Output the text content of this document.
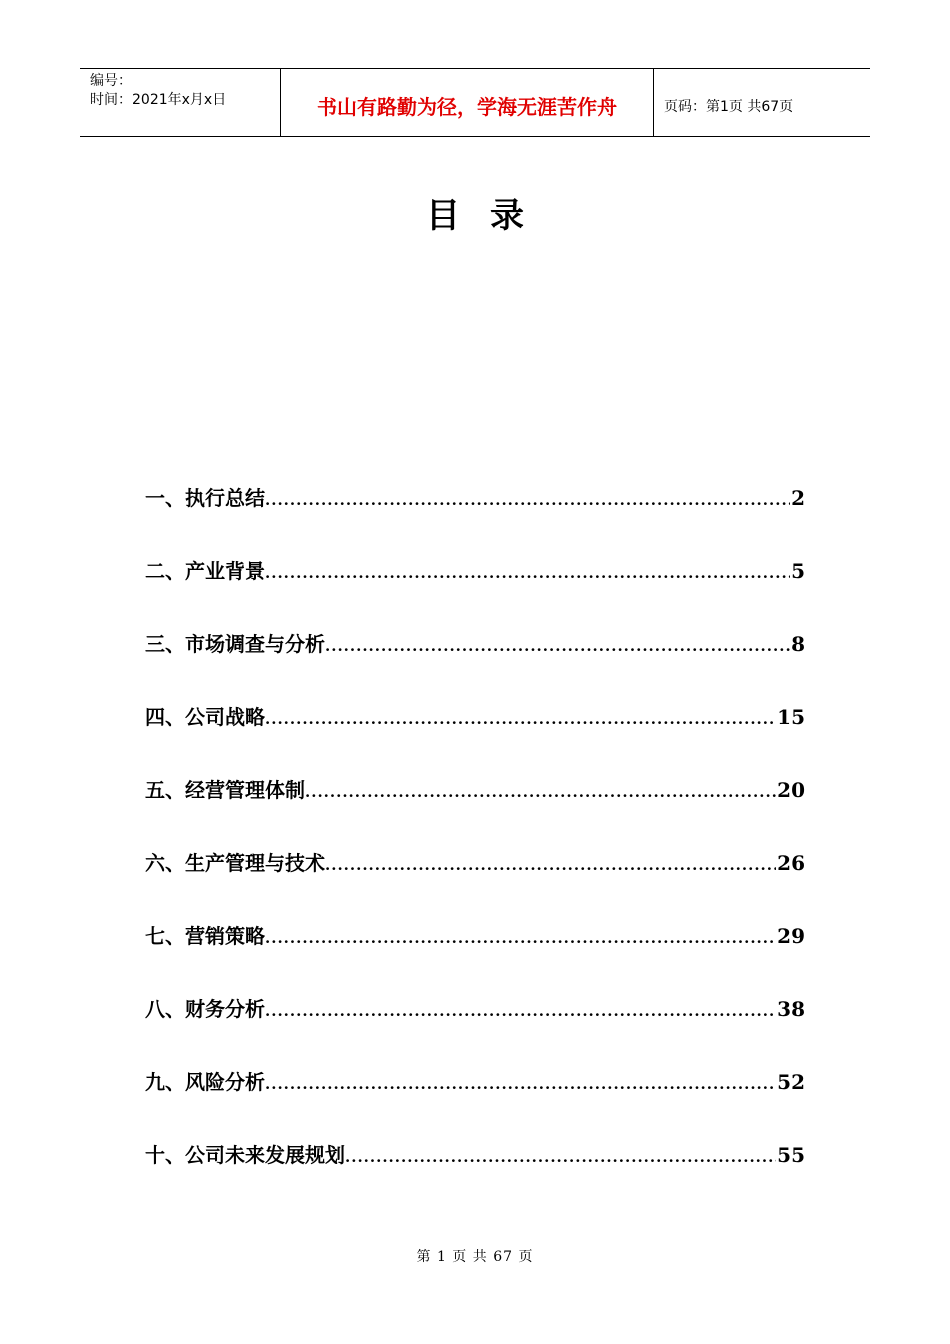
编号：
时间：2021年x月x日	书山有路勤为径，学海无涯苦作舟	页码：第1页 共67页
目录
一、执行总结 .....	2
二、产业背景 .....	5
三、市场调查与分析 .....	8
四、公司战略 .....	15
五、经营管理体制 .....	20
六、生产管理与技术 .....	26
七、营销策略 .....	29
八、财务分析 .....	38
九、风险分析 .....	52
十、公司未来发展规划 .....	55
第 1 页 共 67 页
